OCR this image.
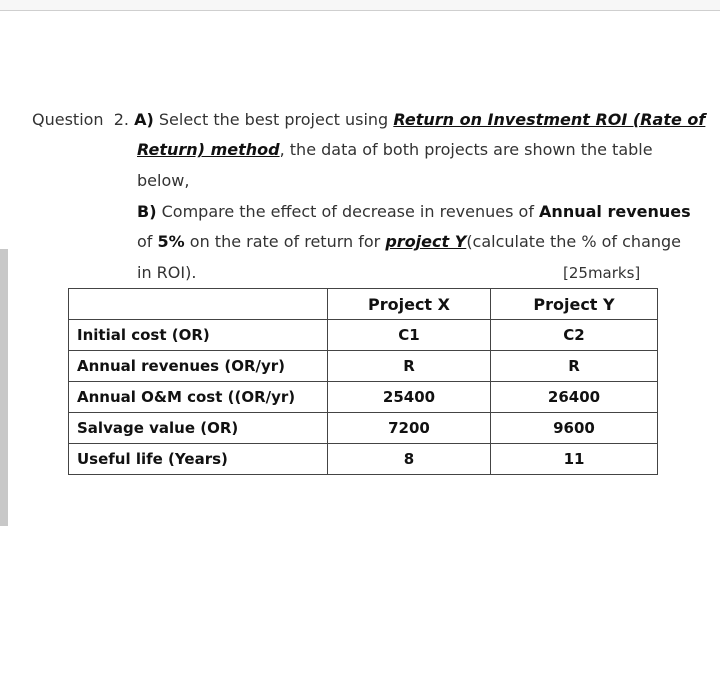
Question 2. A) Select the best project using Return on Investment ROI (Rate of
Return) method, the data of both projects are shown the table
below,
B) Compare the effect of decrease in revenues of Annual revenues
of 5% on the rate of return for project Y(calculate the % of change
in ROI).	[25marks]
	Project X	Project Y
Initial cost (OR)	C1	C2
Annual revenues (OR/yr)	R	R
Annual O&M cost ((OR/yr)	25400	26400
Salvage value (OR)	7200	9600
Useful life (Years)	8	11
